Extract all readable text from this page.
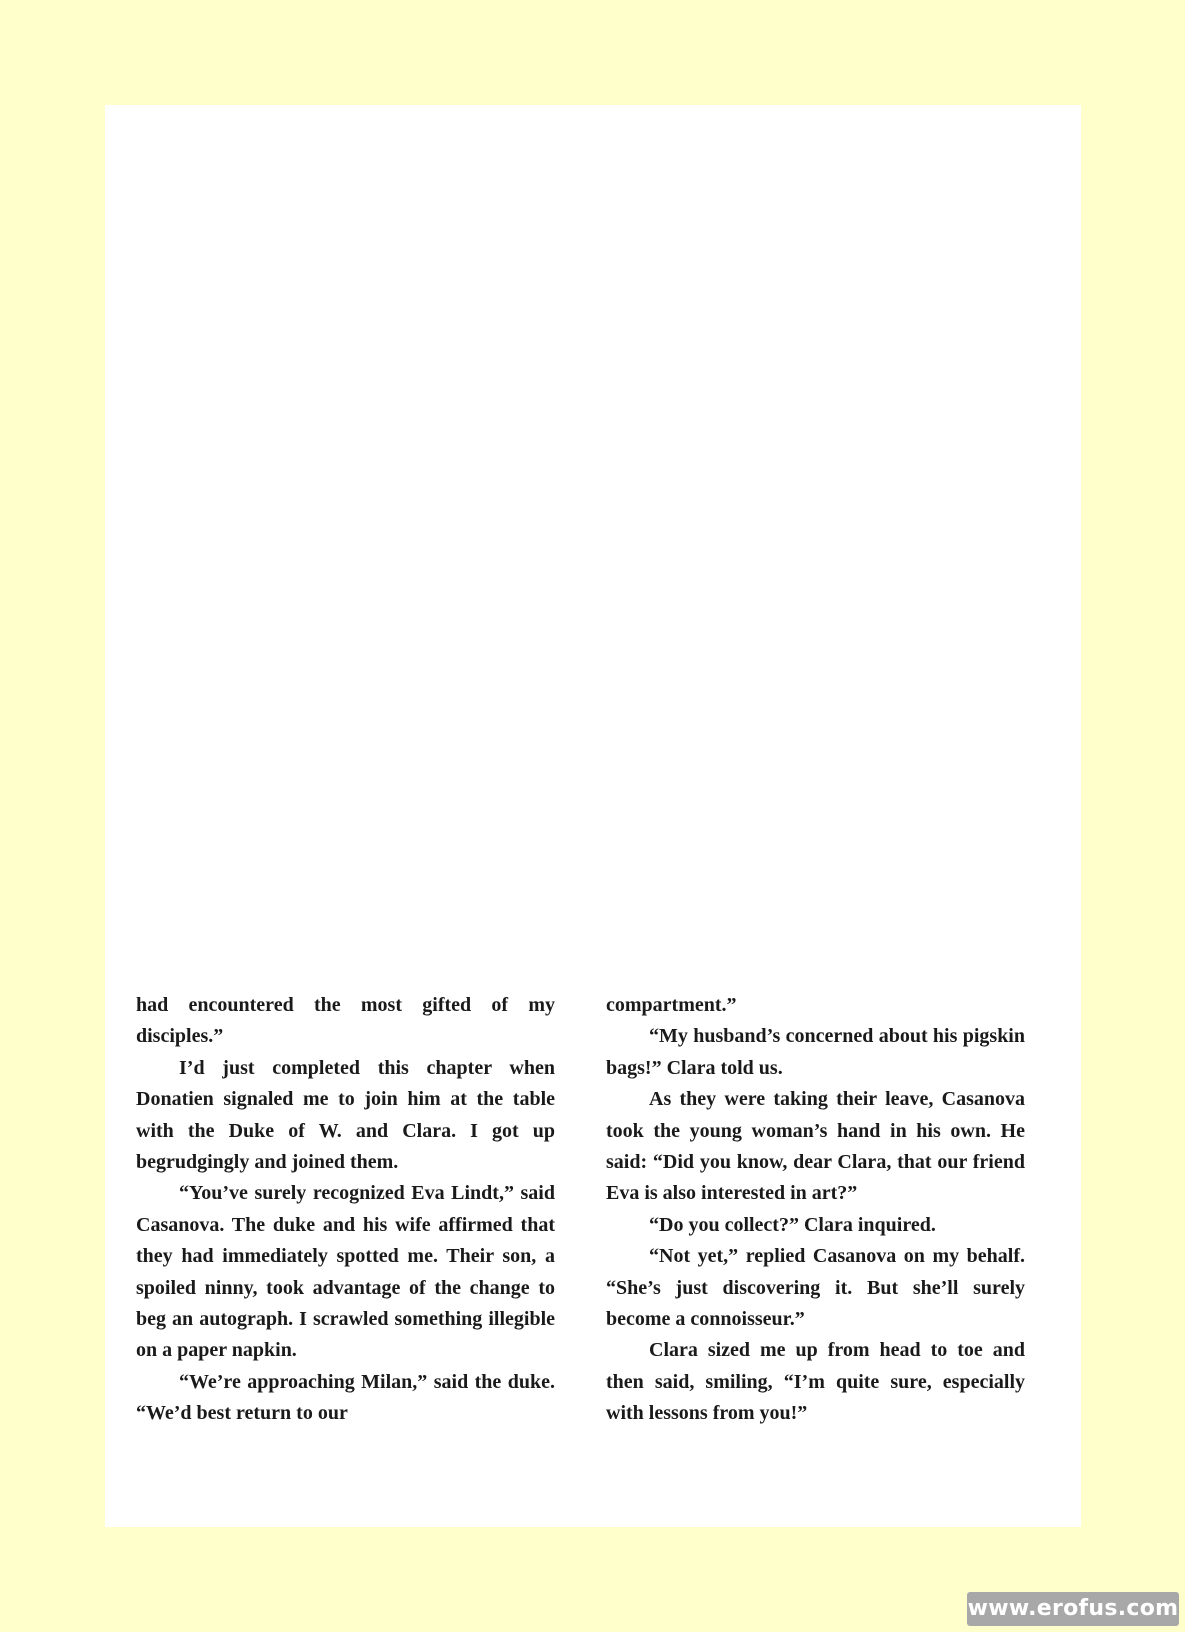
had encountered the most gifted of my disciples.”

I’d just completed this chapter when Donatien signaled me to join him at the table with the Duke of W. and Clara. I got up begrudgingly and joined them.

“You’ve surely recognized Eva Lindt,” said Casanova. The duke and his wife affirmed that they had immediately spotted me. Their son, a spoiled ninny, took advantage of the change to beg an autograph. I scrawled something illegible on a paper napkin.

“We’re approaching Milan,” said the duke. “We’d best return to our

compartment.”

“My husband’s concerned about his pigskin bags!” Clara told us.

As they were taking their leave, Casanova took the young woman’s hand in his own. He said: “Did you know, dear Clara, that our friend Eva is also interested in art?”

“Do you collect?” Clara inquired.

“Not yet,” replied Casanova on my behalf. “She’s just discovering it. But she’ll surely become a connoisseur.”

Clara sized me up from head to toe and then said, smiling, “I’m quite sure, especially with lessons from you!”

www.erofus.com
